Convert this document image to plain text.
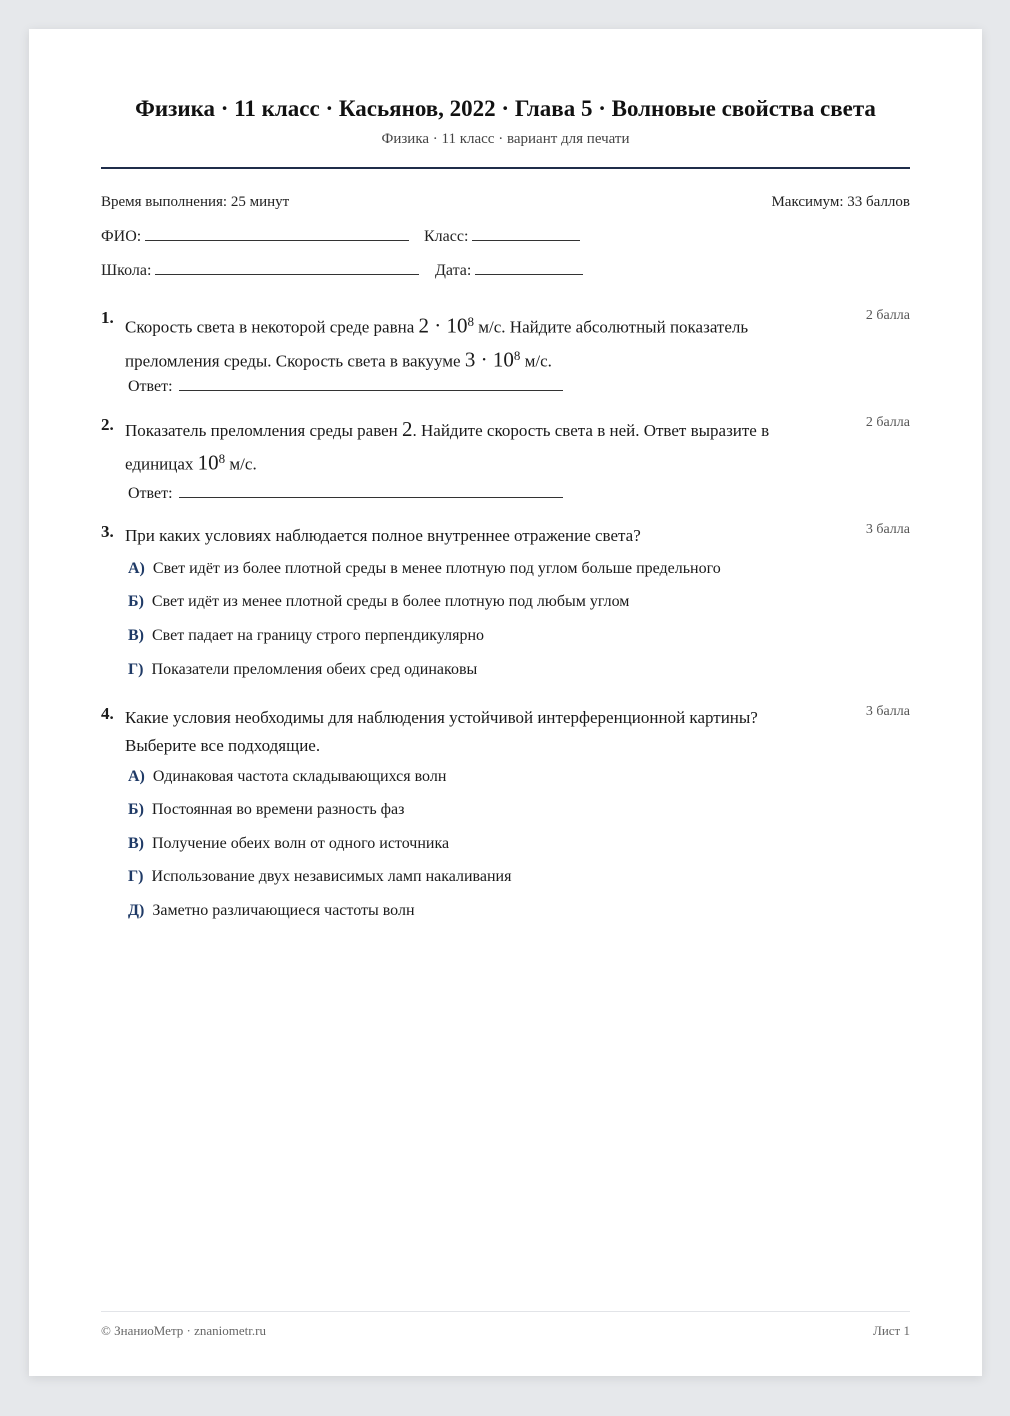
Физика · 11 класс · Касьянов, 2022 · Глава 5 · Волновые свойства света
Физика · 11 класс · вариант для печати
Время выполнения: 25 минут	Максимум: 33 баллов
ФИО:	Класс:
Школа:	Дата:
1.
Скорость света в некоторой среде равна $2 \cdot 10^8$ м/с. Найдите абсолютный показатель преломления среды. Скорость света в вакууме $3 \cdot 10^8$ м/с.
2 балла
Ответ:
2. Показатель преломления среды равен 2. Найдите скорость света в ней. Ответ выразите в единицах $10^8$ м/с.
2 балла
Ответ:
3. При каких условиях наблюдается полное внутреннее отражение света?	3 балла
А) Свет идёт из более плотной среды в менее плотную под углом больше предельного
Б) Свет идёт из менее плотной среды в более плотную под любым углом
В) Свет падает на границу строго перпендикулярно
Г) Показатели преломления обеих сред одинаковы
4. Какие условия необходимы для наблюдения устойчивой интерференционной картины? Выберите все подходящие.
3 балла
А) Одинаковая частота складывающихся волн
Б) Постоянная во времени разность фаз
В) Получение обеих волн от одного источника
Г) Использование двух независимых ламп накаливания
Д) Заметно различающиеся частоты волн
© ЗнаниоМетр · znaniometr.ru	Лист 1
